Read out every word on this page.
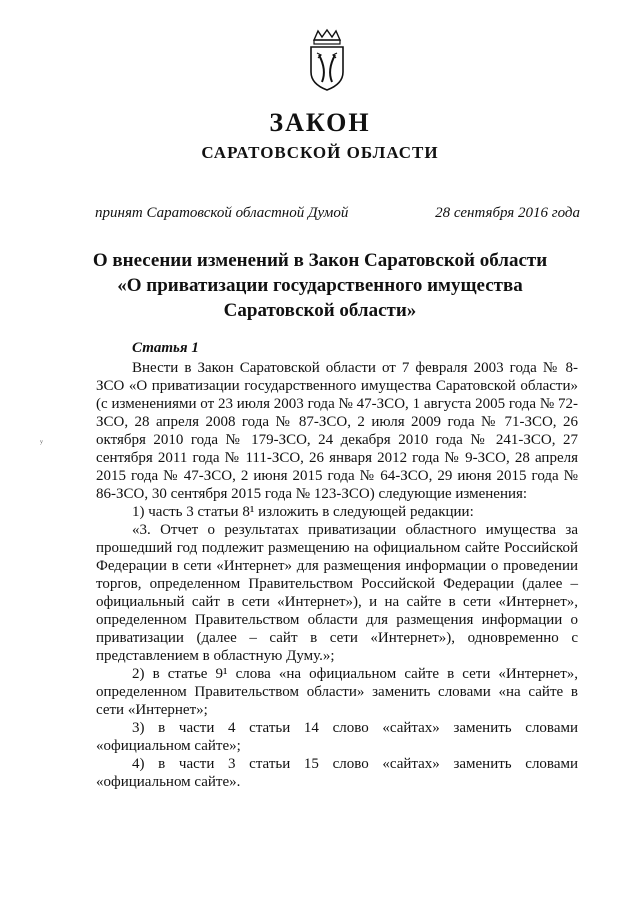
ЗАКОН
САРАТОВСКОЙ ОБЛАСТИ
принят Саратовской областной Думой	28 сентября 2016 года
О внесении изменений в Закон Саратовской области
«О приватизации государственного имущества
Саратовской области»
Статья 1
ʸ

Внести в Закон Саратовской области от 7 февраля 2003 года № 8-ЗСО «О приватизации государственного имущества Саратовской области» (с изменениями от 23 июля 2003 года № 47-ЗСО, 1 августа 2005 года № 72-ЗСО, 28 апреля 2008 года № 87-ЗСО, 2 июля 2009 года № 71-ЗСО, 26 октября 2010 года № 179-ЗСО, 24 декабря 2010 года № 241-ЗСО, 27 сентября 2011 года № 111-ЗСО, 26 января 2012 года № 9-ЗСО, 28 апреля 2015 года № 47-ЗСО, 2 июня 2015 года № 64-ЗСО, 29 июня 2015 года № 86-ЗСО, 30 сентября 2015 года № 123-ЗСО) следующие изменения:

1) часть 3 статьи 8¹ изложить в следующей редакции:

«3. Отчет о результатах приватизации областного имущества за прошедший год подлежит размещению на официальном сайте Российской Федерации в сети «Интернет» для размещения информации о проведении торгов, определенном Правительством Российской Федерации (далее – официальный сайт в сети «Интернет»), и на сайте в сети «Интернет», определенном Правительством области для размещения информации о приватизации (далее – сайт в сети «Интернет»), одновременно с представлением в областную Думу.»;

2) в статье 9¹ слова «на официальном сайте в сети «Интернет», определенном Правительством области» заменить словами «на сайте в сети «Интернет»;

3) в части 4 статьи 14 слово «сайтах» заменить словами «официальном сайте»;

4) в части 3 статьи 15 слово «сайтах» заменить словами «официальном сайте».
